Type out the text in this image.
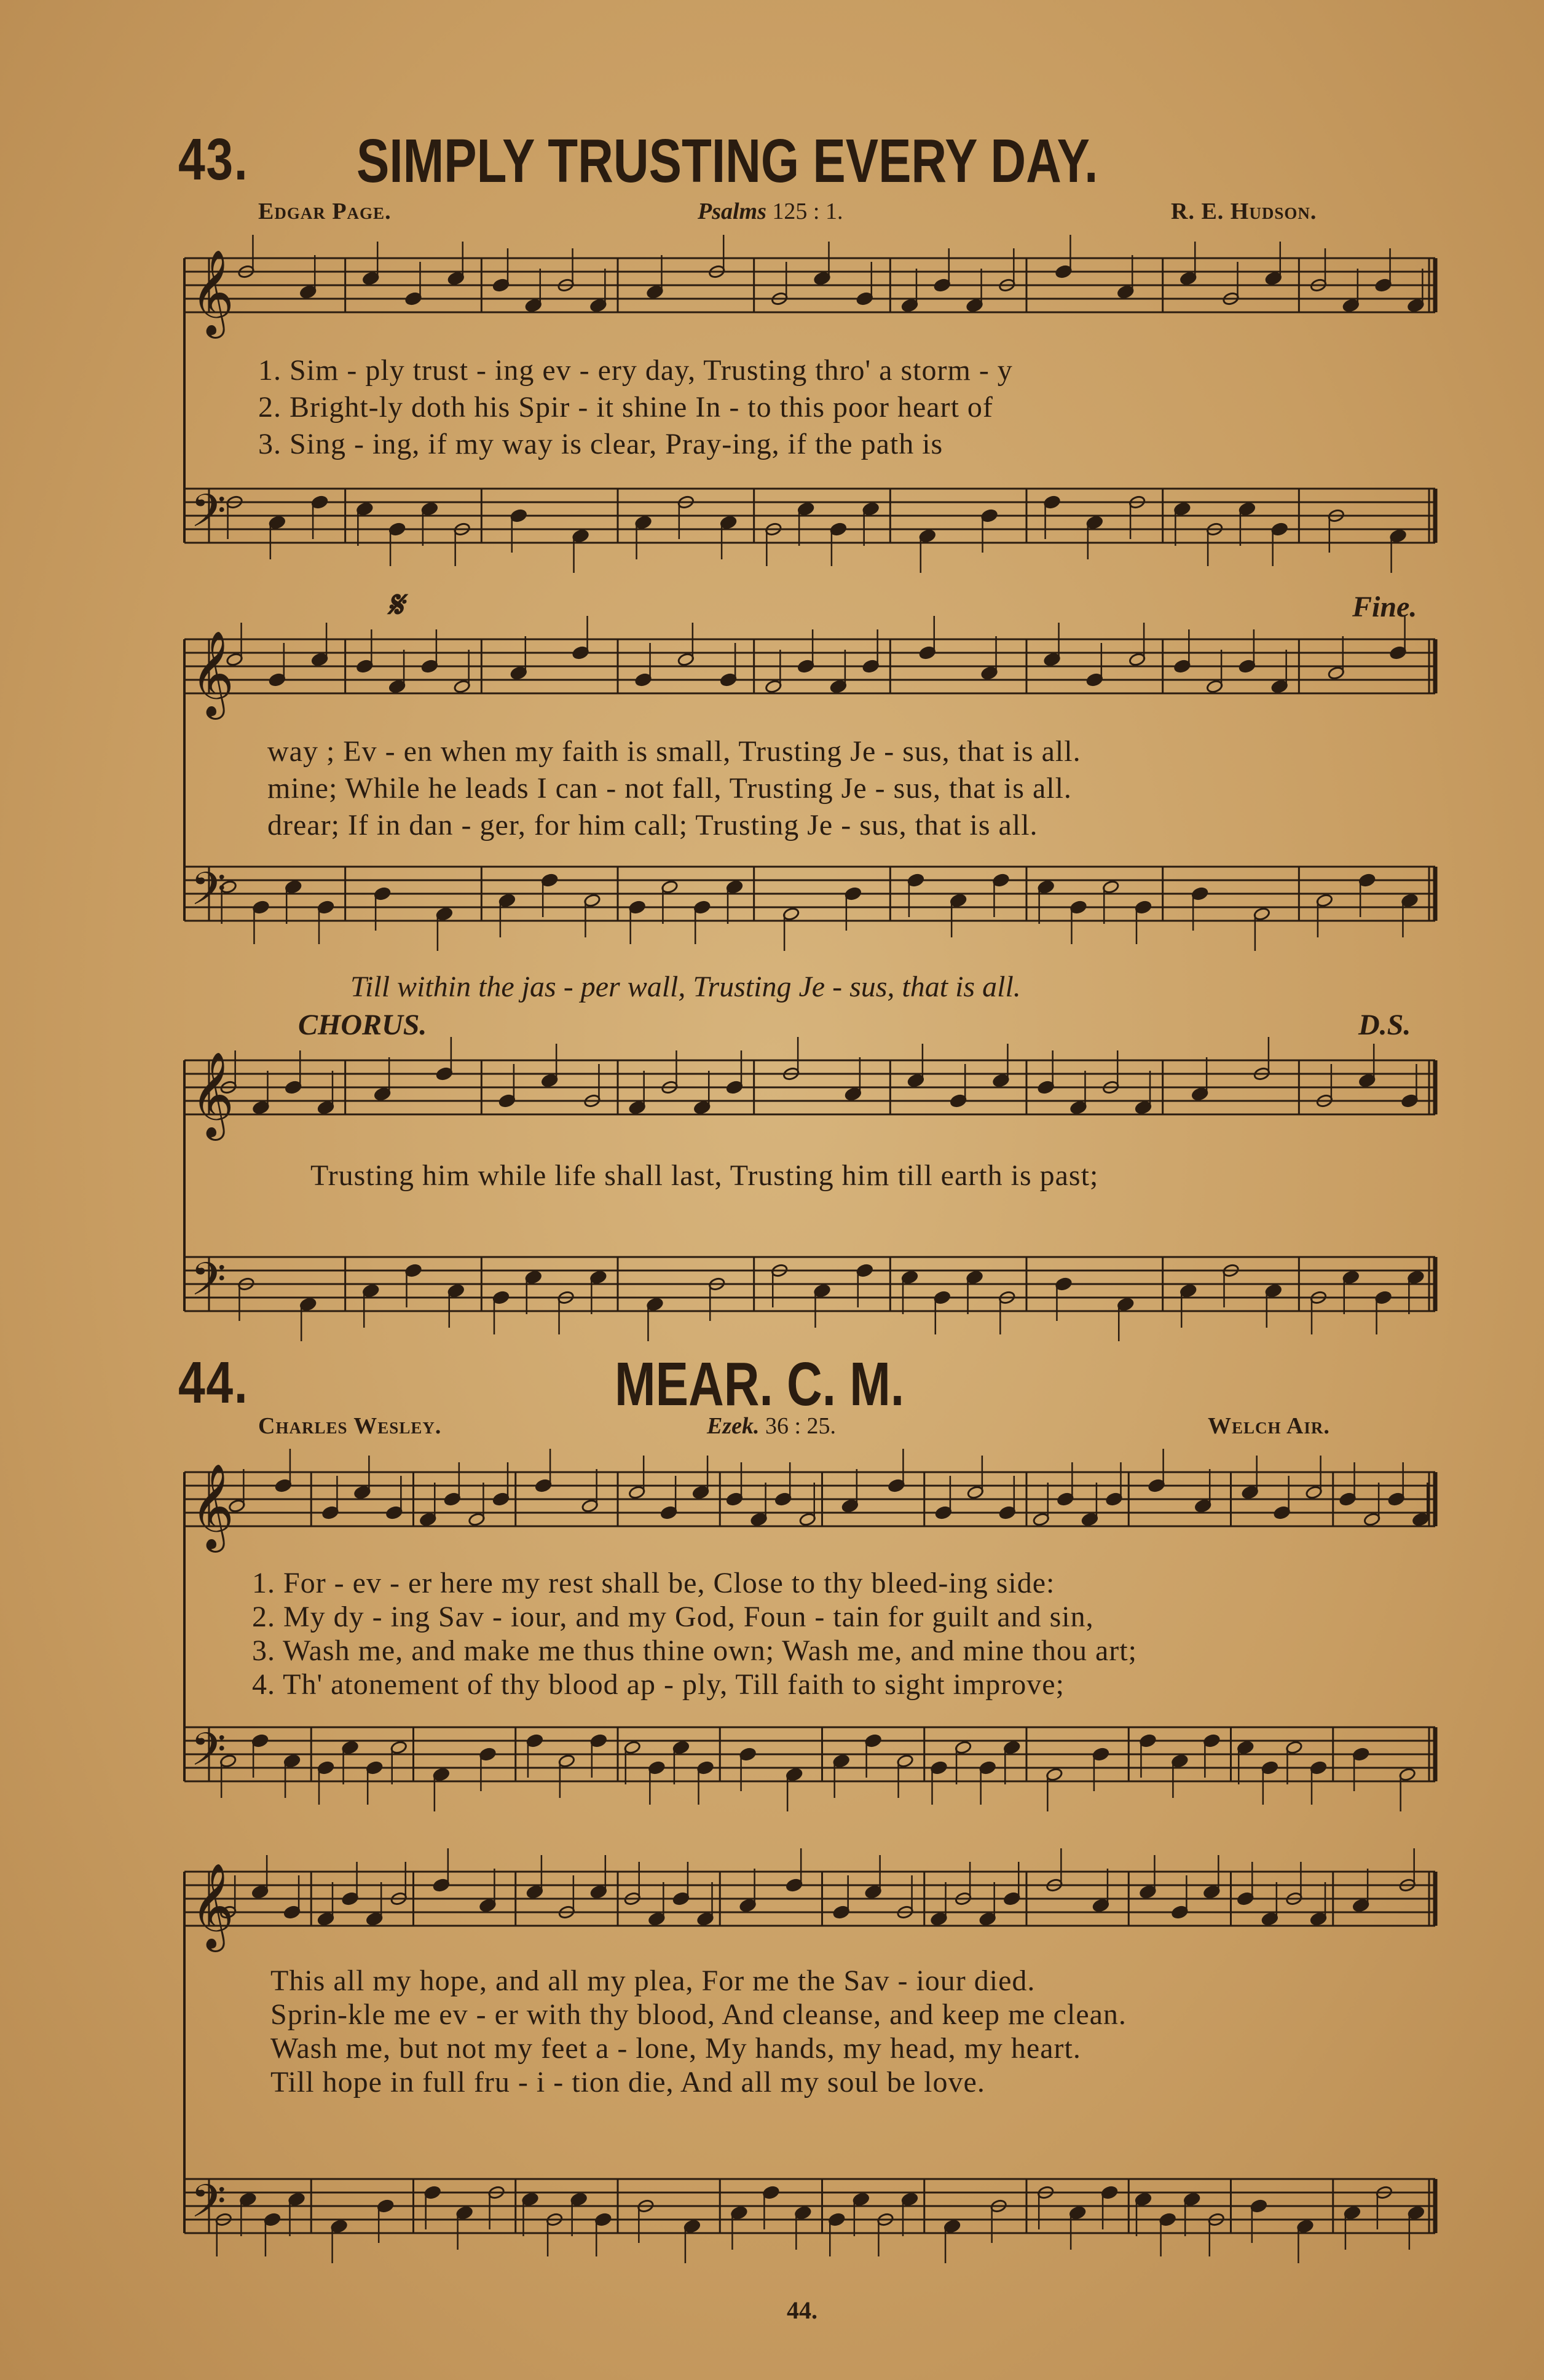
𝄞
𝄢
𝄞
𝄢
𝄞
𝄢
𝄞
𝄢
𝄞
𝄢
43. SIMPLY TRUSTING EVERY DAY.
Edgar Page.	Psalms 125 : 1.	R. E. Hudson.
1. Sim - ply trust - ing ev - ery day, Trusting thro' a storm - y
2. Bright-ly doth his Spir - it shine In - to this poor heart of
3. Sing - ing, if my way is clear, Pray-ing, if the path is
𝄋	Fine.
way ; Ev - en when my faith is small, Trusting Je - sus, that is all.
mine; While he leads I can - not fall, Trusting Je - sus, that is all.
drear; If in dan - ger, for him call; Trusting Je - sus, that is all.
Till within the jas - per wall, Trusting Je - sus, that is all.
CHORUS.	D.S.
Trusting him while life shall last, Trusting him till earth is past;
44.	MEAR. C. M.
Charles Wesley.	Ezek. 36 : 25.	Welch Air.
1. For - ev - er here my rest shall be, Close to thy bleed-ing side:
2. My dy - ing Sav - iour, and my God, Foun - tain for guilt and sin,
3. Wash me, and make me thus thine own; Wash me, and mine thou art;
4. Th' atonement of thy blood ap - ply, Till faith to sight improve;
This all my hope, and all my plea, For me the Sav - iour died.
Sprin-kle me ev - er with thy blood, And cleanse, and keep me clean.
Wash me, but not my feet a - lone, My hands, my head, my heart.
Till hope in full fru - i - tion die, And all my soul be love.
44.
